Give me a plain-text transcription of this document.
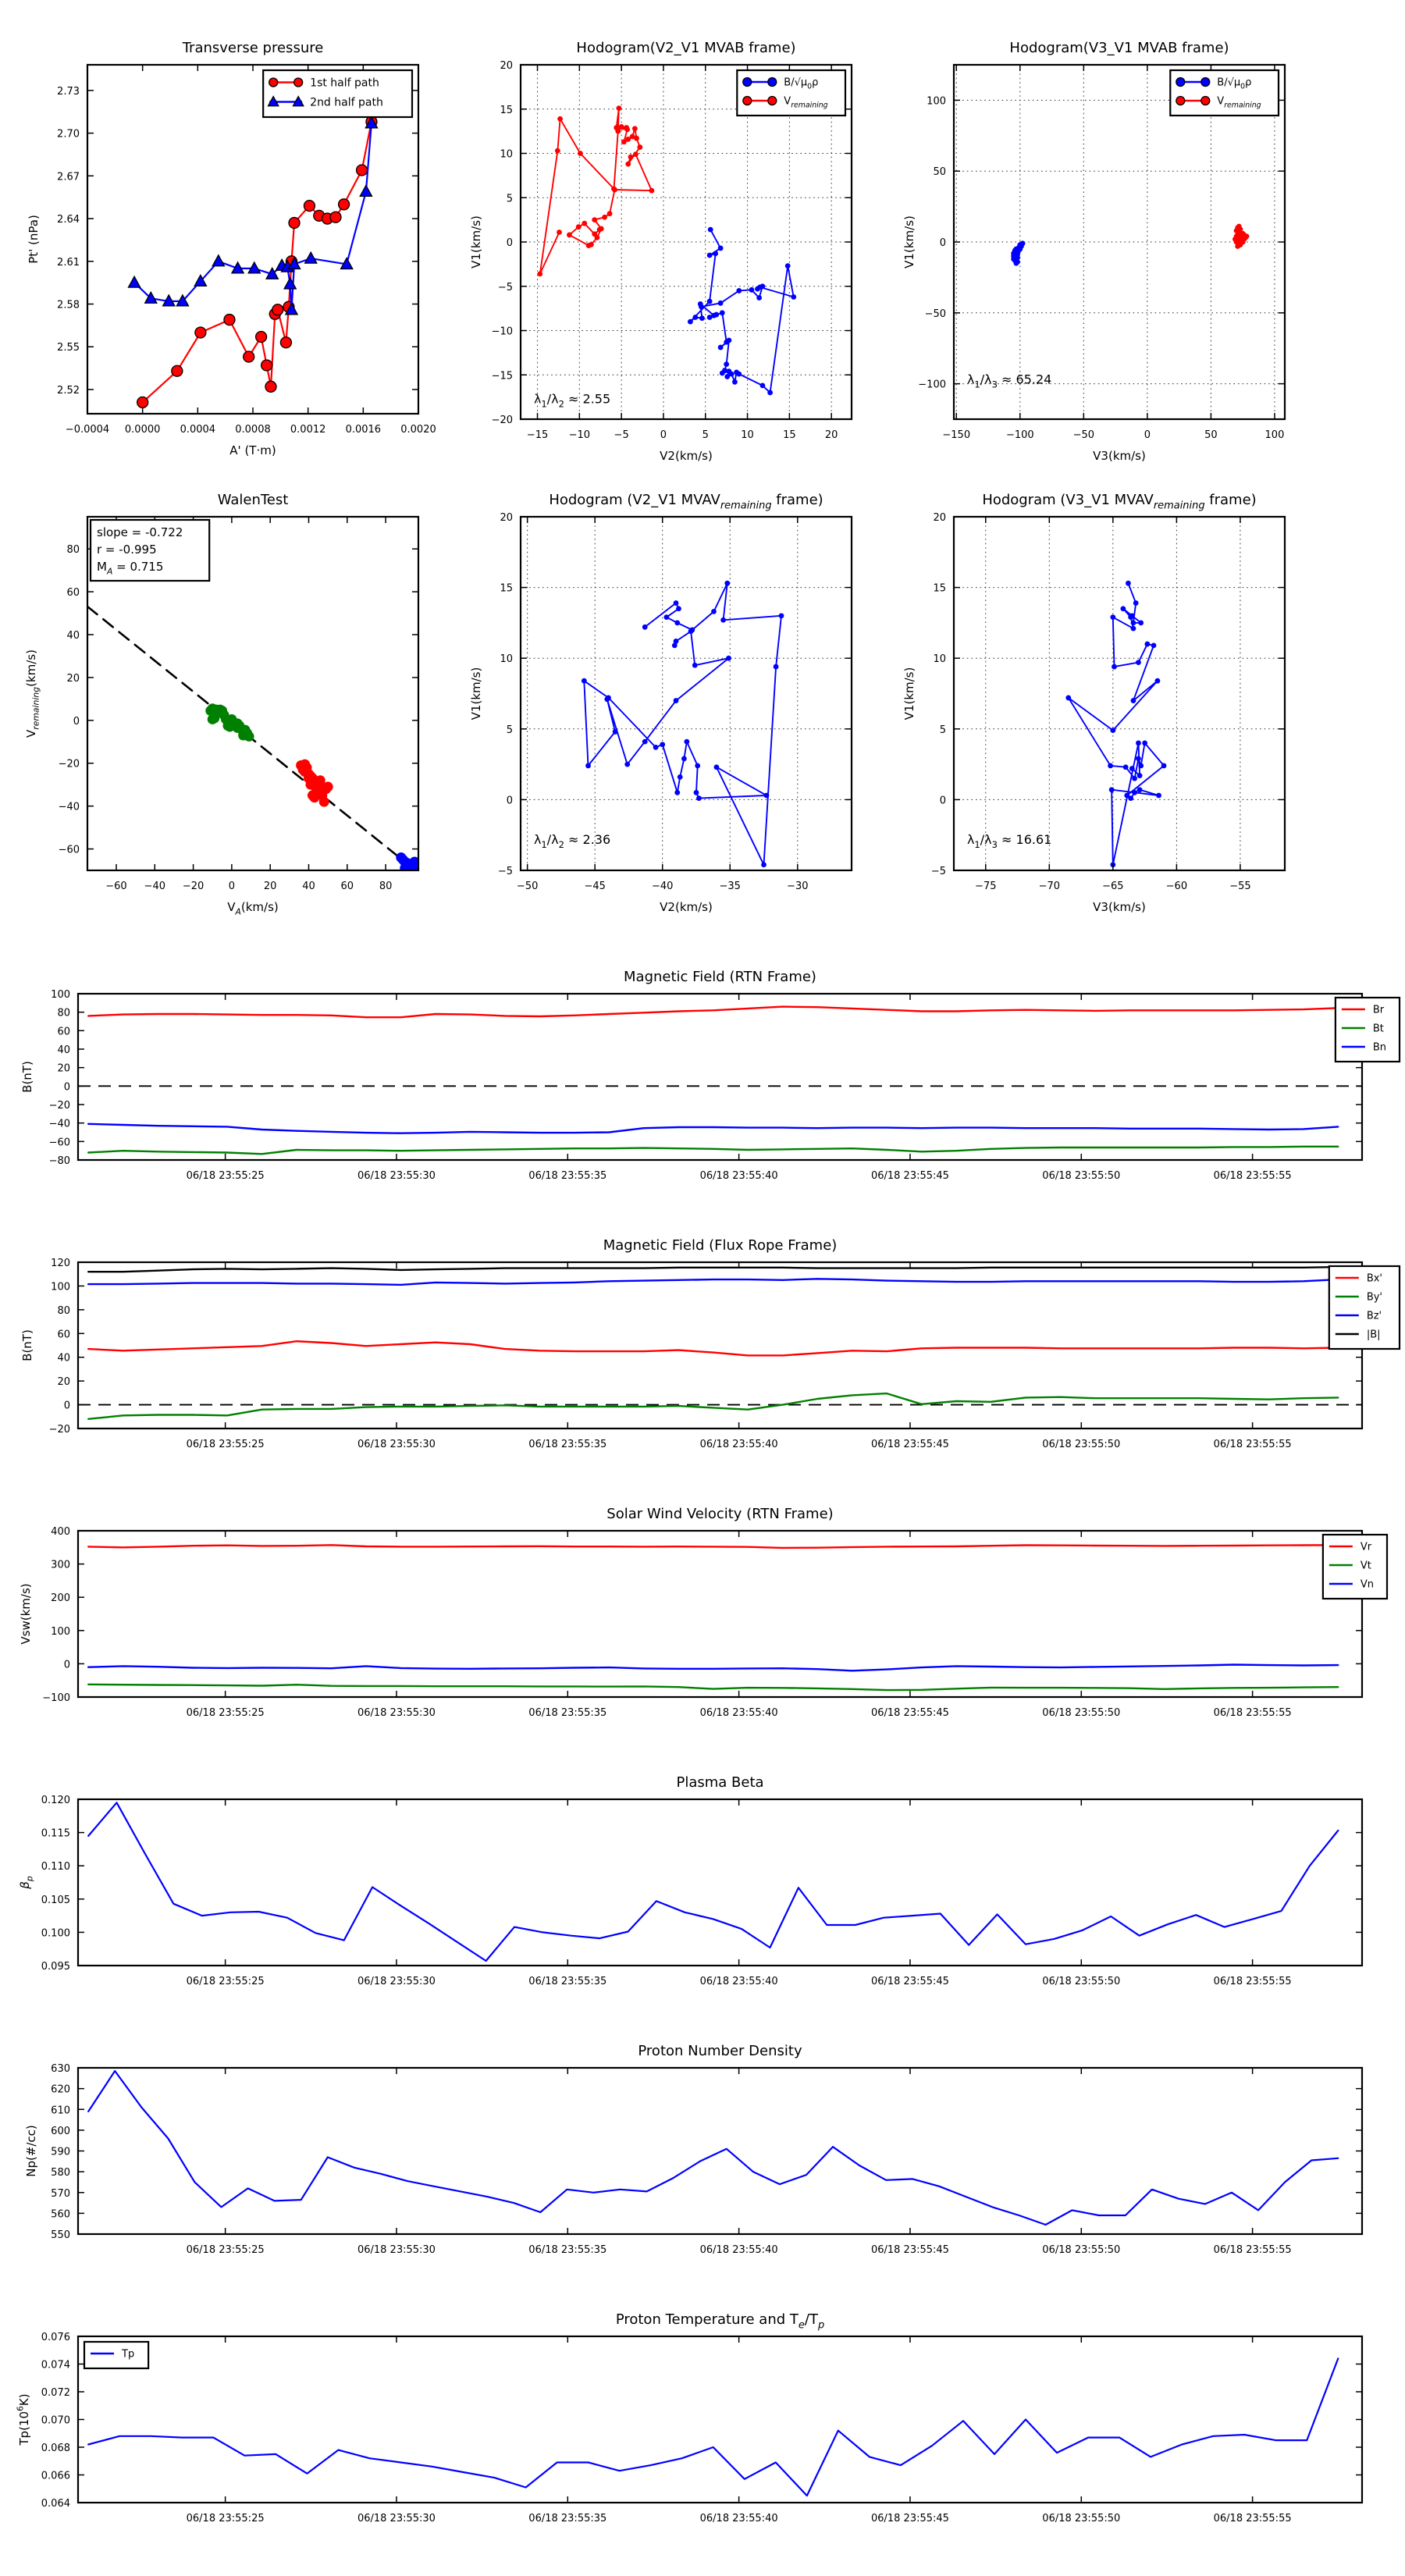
−0.0004 0.0000 0.0004 0.0008 0.0012 0.0016 0.0020
2.52
2.55
2.58
2.61
2.64
2.67
2.70
2.73
Transverse pressure
A' (T·m)
Pt' (nPa)
1st half path
2nd half path
−15 −10 −5	0	5	10	15	20
−20
−15
−10
−5
0
5
10
15
20
Hodogram(V2_V1 MVAB frame)
V2(km/s)
V1(km/s)
$\lambda_1/\lambda_2 \approx 2.55$
$B/√\mu_0\rho$
$V_{remaining}$
−150	−100	−50	0	50	100
−100
−50
0
50
100
Hodogram(V3_V1 MVAB frame)
V3(km/s)
V1(km/s)
$\lambda_1/\lambda_3 \approx 65.24$
$B/√\mu_0\rho$
$V_{remaining}$
−60 −40 −20 0	20	40	60	80
−60
−40
−20
0
20
40
60
80
WalenTest
$V_A(km/s)$
$V_{remaining}(km/s)$
slope = -0.722
r = -0.995
$M_A = 0.715$
−50	−45	−40	−35	−30
−5
0
5
10
15
20
Hodogram (V2_V1 $MVAV_{remaining}$ frame)
V2(km/s)
V1(km/s)
$\lambda_1/\lambda_2 \approx 2.36$
−75	−70	−65	−60	−55
−5
0
5
10
15
20
Hodogram (V3_V1 $MVAV_{remaining}$ frame)
V3(km/s)
V1(km/s)
$\lambda_1/\lambda_3 \approx 16.61$
06/18 23:55:25	06/18 23:55:30	06/18 23:55:35	06/18 23:55:40	06/18 23:55:45	06/18 23:55:50	06/18 23:55:55
−80
−60
−40
−20
0
20
40
60
80
100
Magnetic Field (RTN Frame)
B(nT)
Br
Bt
Bn
06/18 23:55:25	06/18 23:55:30	06/18 23:55:35	06/18 23:55:40	06/18 23:55:45	06/18 23:55:50	06/18 23:55:55
−20
0
20
40
60
80
100
120
Magnetic Field (Flux Rope Frame)
B(nT)
Bx'
By'
Bz'
|B|
06/18 23:55:25	06/18 23:55:30	06/18 23:55:35	06/18 23:55:40	06/18 23:55:45	06/18 23:55:50	06/18 23:55:55
−100
0
100
200
300
400
Solar Wind Velocity (RTN Frame)
Vsw(km/s)
Vr
Vt
Vn
06/18 23:55:25	06/18 23:55:30	06/18 23:55:35	06/18 23:55:40	06/18 23:55:45	06/18 23:55:50	06/18 23:55:55
0.095
0.100
0.105
0.110
0.115
0.120
Plasma Beta
$\beta_p$
06/18 23:55:25	06/18 23:55:30	06/18 23:55:35	06/18 23:55:40	06/18 23:55:45	06/18 23:55:50	06/18 23:55:55
550
560
570
580
590
600
610
620
630
Proton Number Density
Np(#/cc)
06/18 23:55:25	06/18 23:55:30	06/18 23:55:35	06/18 23:55:40	06/18 23:55:45	06/18 23:55:50	06/18 23:55:55
0.064
0.066
0.068
0.070
0.072
0.074
0.076
Proton Temperature and $T_e/T_p$
$Tp(10^6K)$
Tp
